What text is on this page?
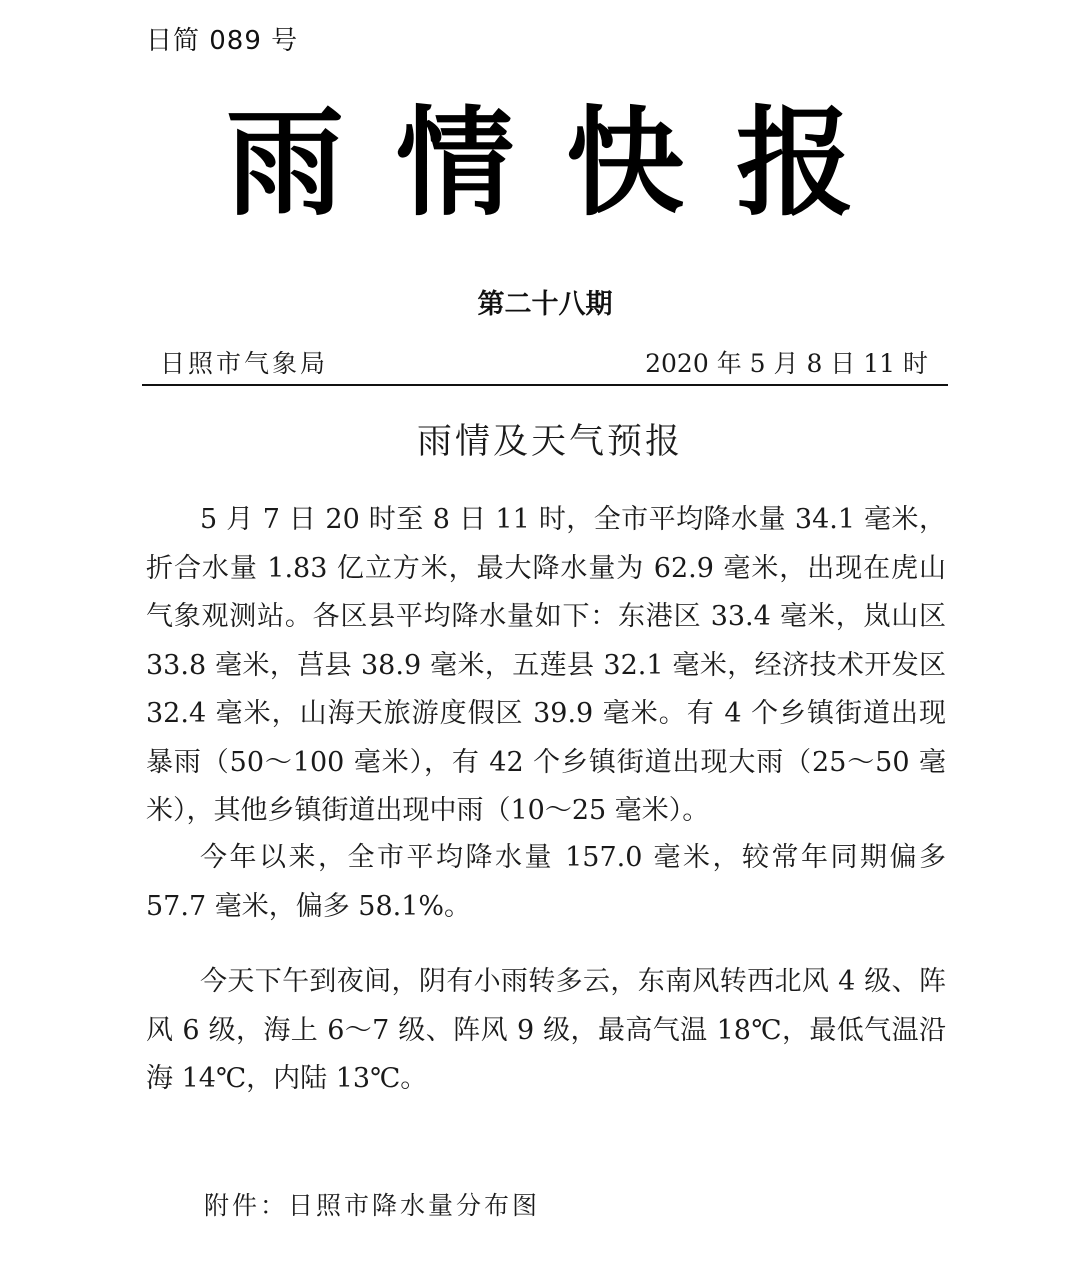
日简 089 号
雨情快报
第二十八期
日照市气象局	2020 年 5 月 8 日 11 时
雨情及天气预报

5 月 7 日 20 时至 8 日 11 时，全市平均降水量 34.1 毫米，折合水量 1.83 亿立方米，最大降水量为 62.9 毫米，出现在虎山气象观测站。各区县平均降水量如下：东港区 33.4 毫米，岚山区 33.8 毫米，莒县 38.9 毫米，五莲县 32.1 毫米，经济技术开发区 32.4 毫米，山海天旅游度假区 39.9 毫米。有 4 个乡镇街道出现暴雨（50～100 毫米），有 42 个乡镇街道出现大雨（25～50 毫米），其他乡镇街道出现中雨（10～25 毫米）。

今年以来，全市平均降水量 157.0 毫米，较常年同期偏多 57.7 毫米，偏多 58.1%。

今天下午到夜间，阴有小雨转多云，东南风转西北风 4 级、阵风 6 级，海上 6～7 级、阵风 9 级，最高气温 18℃，最低气温沿海 14℃，内陆 13℃。

附件：日照市降水量分布图
